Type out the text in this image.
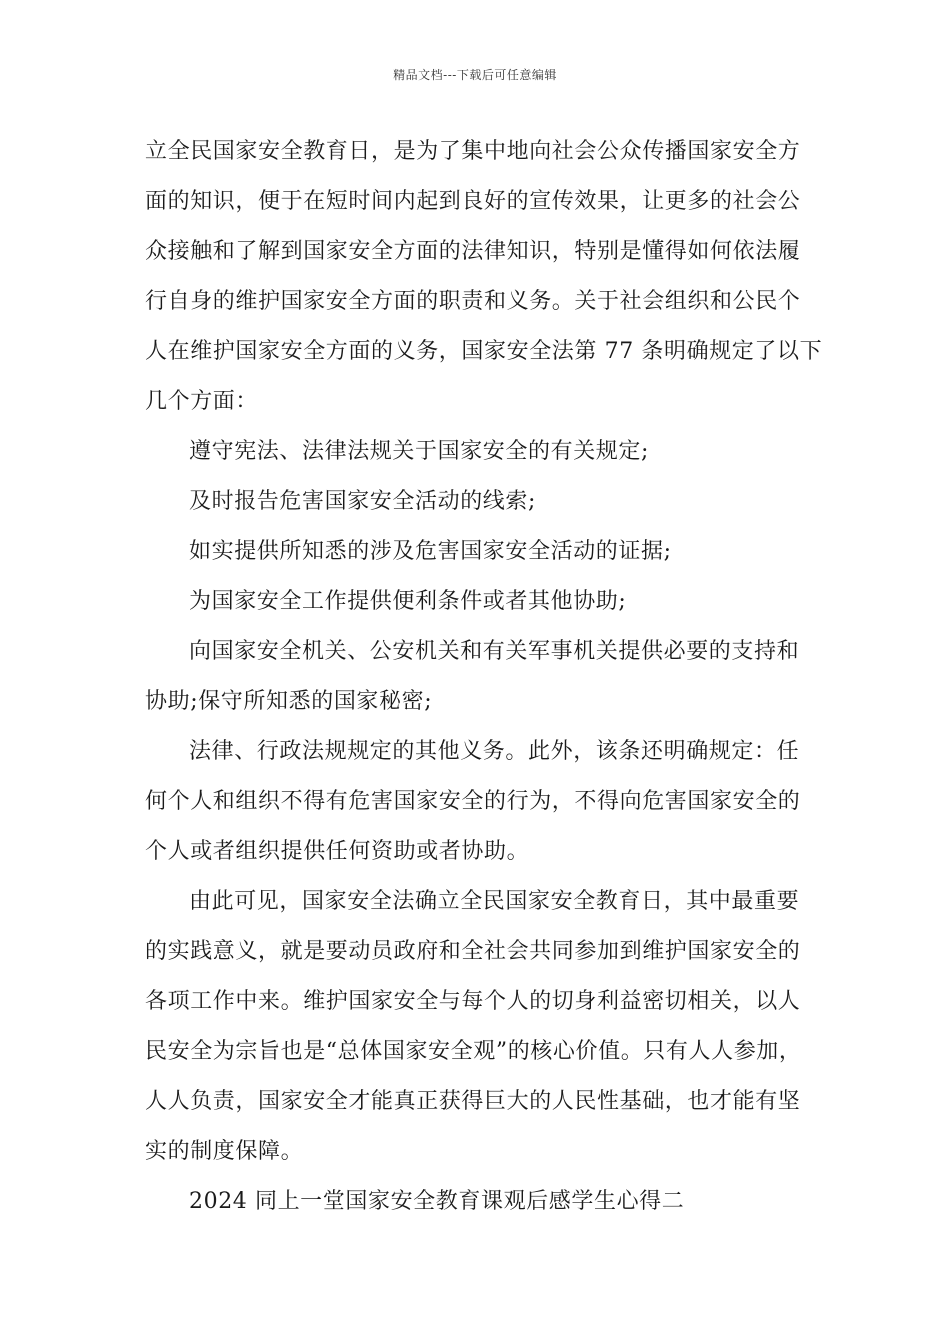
精品文档---下载后可任意编辑
立全民国家安全教育日，是为了集中地向社会公众传播国家安全方
面的知识，便于在短时间内起到良好的宣传效果，让更多的社会公
众接触和了解到国家安全方面的法律知识，特别是懂得如何依法履
行自身的维护国家安全方面的职责和义务。关于社会组织和公民个
人在维护国家安全方面的义务，国家安全法第 77 条明确规定了以下
几个方面：
遵守宪法、法律法规关于国家安全的有关规定;
及时报告危害国家安全活动的线索;
如实提供所知悉的涉及危害国家安全活动的证据;
为国家安全工作提供便利条件或者其他协助;
向国家安全机关、公安机关和有关军事机关提供必要的支持和
协助;保守所知悉的国家秘密;
法律、行政法规规定的其他义务。此外，该条还明确规定：任
何个人和组织不得有危害国家安全的行为，不得向危害国家安全的
个人或者组织提供任何资助或者协助。
由此可见，国家安全法确立全民国家安全教育日，其中最重要
的实践意义，就是要动员政府和全社会共同参加到维护国家安全的
各项工作中来。维护国家安全与每个人的切身利益密切相关，以人
民安全为宗旨也是“总体国家安全观”的核心价值。只有人人参加，
人人负责，国家安全才能真正获得巨大的人民性基础，也才能有坚
实的制度保障。
2024 同上一堂国家安全教育课观后感学生心得二
